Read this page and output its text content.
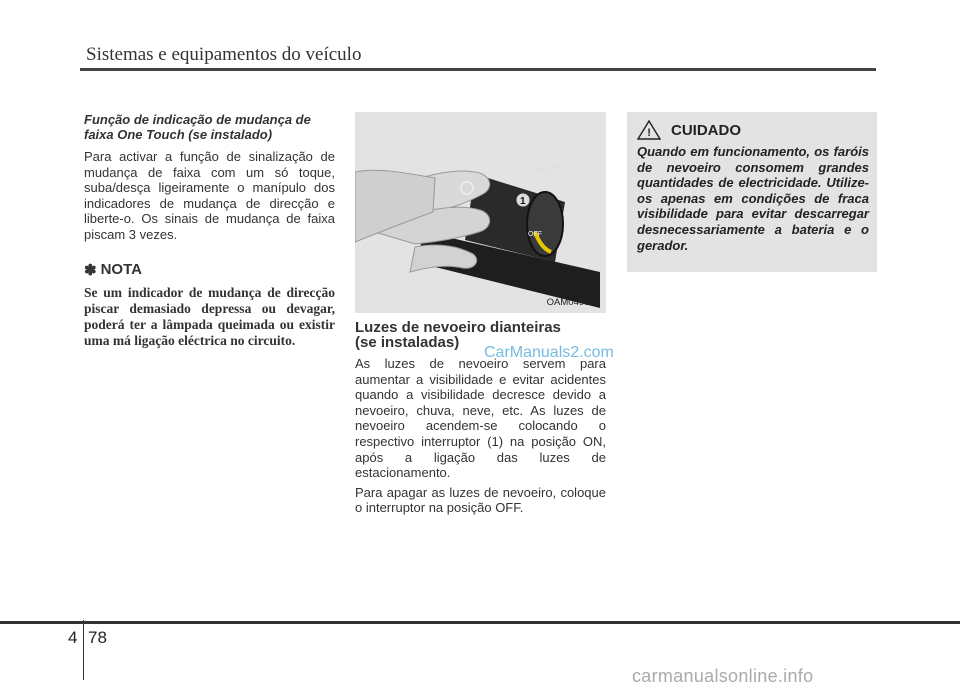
Sistemas e equipamentos do veículo

Função de indicação de mudança de
faixa One Touch (se instalado)

Para activar a função de sinalização de mudança de faixa com um só toque, suba/desça ligeiramente o manípulo dos indicadores de mudança de direcção e liberte-o. Os sinais de mudança de faixa piscam 3 vezes.

✽ NOTA

Se um indicador de mudança de direcção piscar demasiado depressa ou devagar, poderá ter a lâmpada queimada ou existir uma má ligação eléctrica no circuito.

1
OFF
OAM049046
Luzes de nevoeiro dianteiras
(se instaladas)

As luzes de nevoeiro servem para aumentar a visibilidade e evitar acidentes quando a visibilidade decresce devido a nevoeiro, chuva, neve, etc. As luzes de nevoeiro acendem-se colocando o respectivo interruptor (1) na posição ON, após a ligação das luzes de estacionamento.

Para apagar as luzes de nevoeiro, coloque o interruptor na posição OFF.

! CUIDADO

Quando em funcionamento, os faróis de nevoeiro consomem grandes quantidades de electricidade. Utilize-os apenas em condições de fraca visibilidade para evitar descarregar desnecessariamente a bateria e o gerador.

CarManuals2.com
4 78
carmanualsonline.info
